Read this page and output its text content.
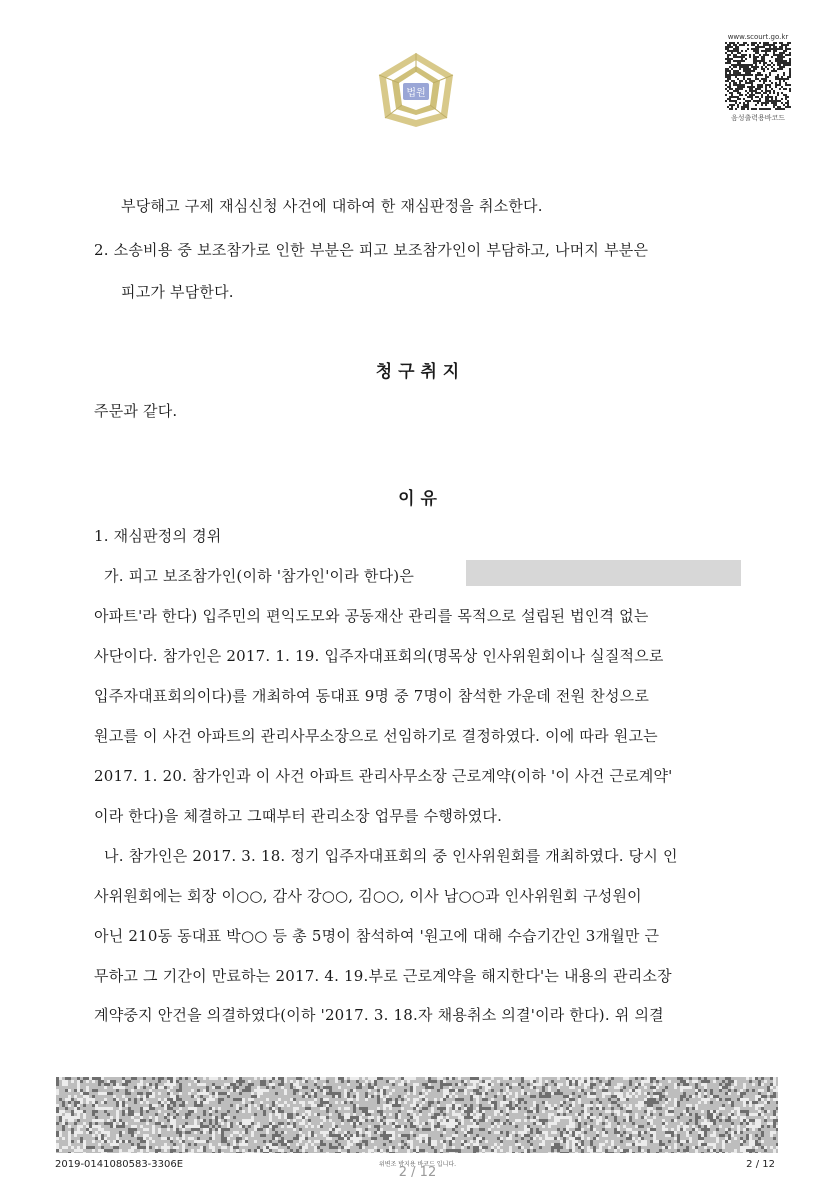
법원
www.scourt.go.kr
음성출력용바코드
부당해고 구제 재심신청 사건에 대하여 한 재심판정을 취소한다.
2. 소송비용 중 보조참가로 인한 부분은 피고 보조참가인이 부담하고, 나머지 부분은
피고가 부담한다.
청 구 취 지
주문과 같다.
이 유
1. 재심판정의 경위
가. 피고 보조참가인(이하 '참가인'이라 한다)은
아파트'라 한다) 입주민의 편익도모와 공동재산 관리를 목적으로 설립된 법인격 없는
사단이다. 참가인은 2017. 1. 19. 입주자대표회의(명목상 인사위원회이나 실질적으로
입주자대표회의이다)를 개최하여 동대표 9명 중 7명이 참석한 가운데 전원 찬성으로
원고를 이 사건 아파트의 관리사무소장으로 선임하기로 결정하였다. 이에 따라 원고는
2017. 1. 20. 참가인과 이 사건 아파트 관리사무소장 근로계약(이하 '이 사건 근로계약'
이라 한다)을 체결하고 그때부터 관리소장 업무를 수행하였다.
나. 참가인은 2017. 3. 18. 정기 입주자대표회의 중 인사위원회를 개최하였다. 당시 인
사위원회에는 회장 이○○, 감사 강○○, 김○○, 이사 남○○과 인사위원회 구성원이
아닌 210동 동대표 박○○ 등 총 5명이 참석하여 '원고에 대해 수습기간인 3개월만 근
무하고 그 기간이 만료하는 2017. 4. 19.부로 근로계약을 해지한다'는 내용의 관리소장
계약중지 안건을 의결하였다(이하 '2017. 3. 18.자 채용취소 의결'이라 한다). 위 의결
2019-0141080583-3306E	위변조 방지용 바코드 입니다.
2 / 12
2 / 12
